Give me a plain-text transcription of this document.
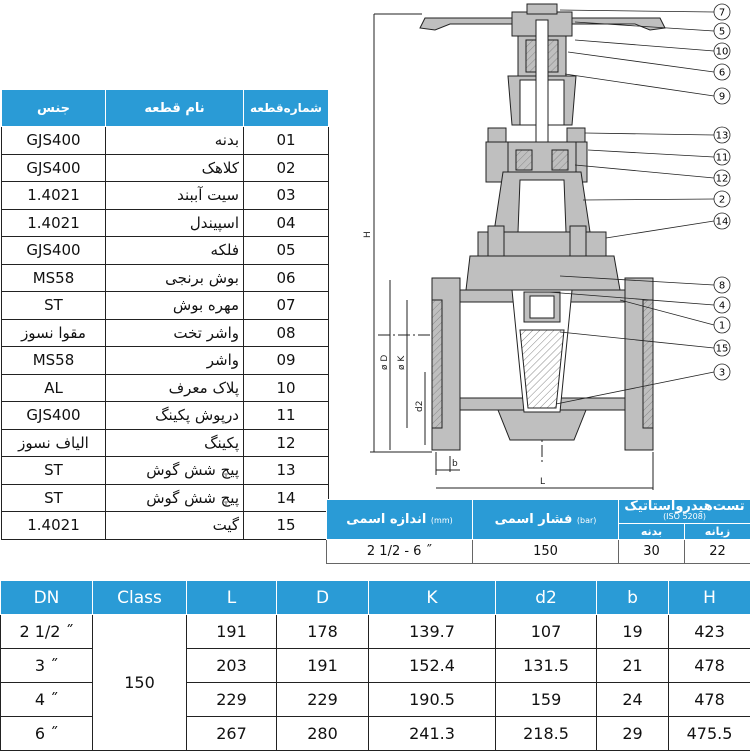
جنس	نام قطعه	شماره‌قطعه
GJS400	بدنه	01
GJS400	کلاهک	02
1.4021	سیت آببند	03
1.4021	اسپیندل	04
GJS400	فلکه	05
MS58	بوش برنجی	06
ST	مهره بوش	07
مقوا نسوز	واشر تخت	08
MS58	واشر	09
AL	پلاک معرف	10
GJS400	درپوش پکینگ	11
الیاف نسوز	پکینگ	12
ST	پیچ شش گوش	13
ST	پیچ شش گوش	14
1.4021	گیت	15
H
ø D ø K
d2
b
L
7
5
10
6
9
13
11
12
2
14
8
4
1
15
3
اندازه اسمی (mm)	فشار اسمی (bar)	تست‌هیدرواستاتیک
(ISO 5208)	

		بدنه	زبانه
2 1/2 - 6 ˝	150	30	22
DN	Class	L	D	K	d2	b	H
2 1/2 ˝	150	191	178	139.7	107	19	423
3 ˝		203	191	152.4	131.5	21	478
4 ˝		229	229	190.5	159	24	478
6 ˝		267	280	241.3	218.5	29	475.5
